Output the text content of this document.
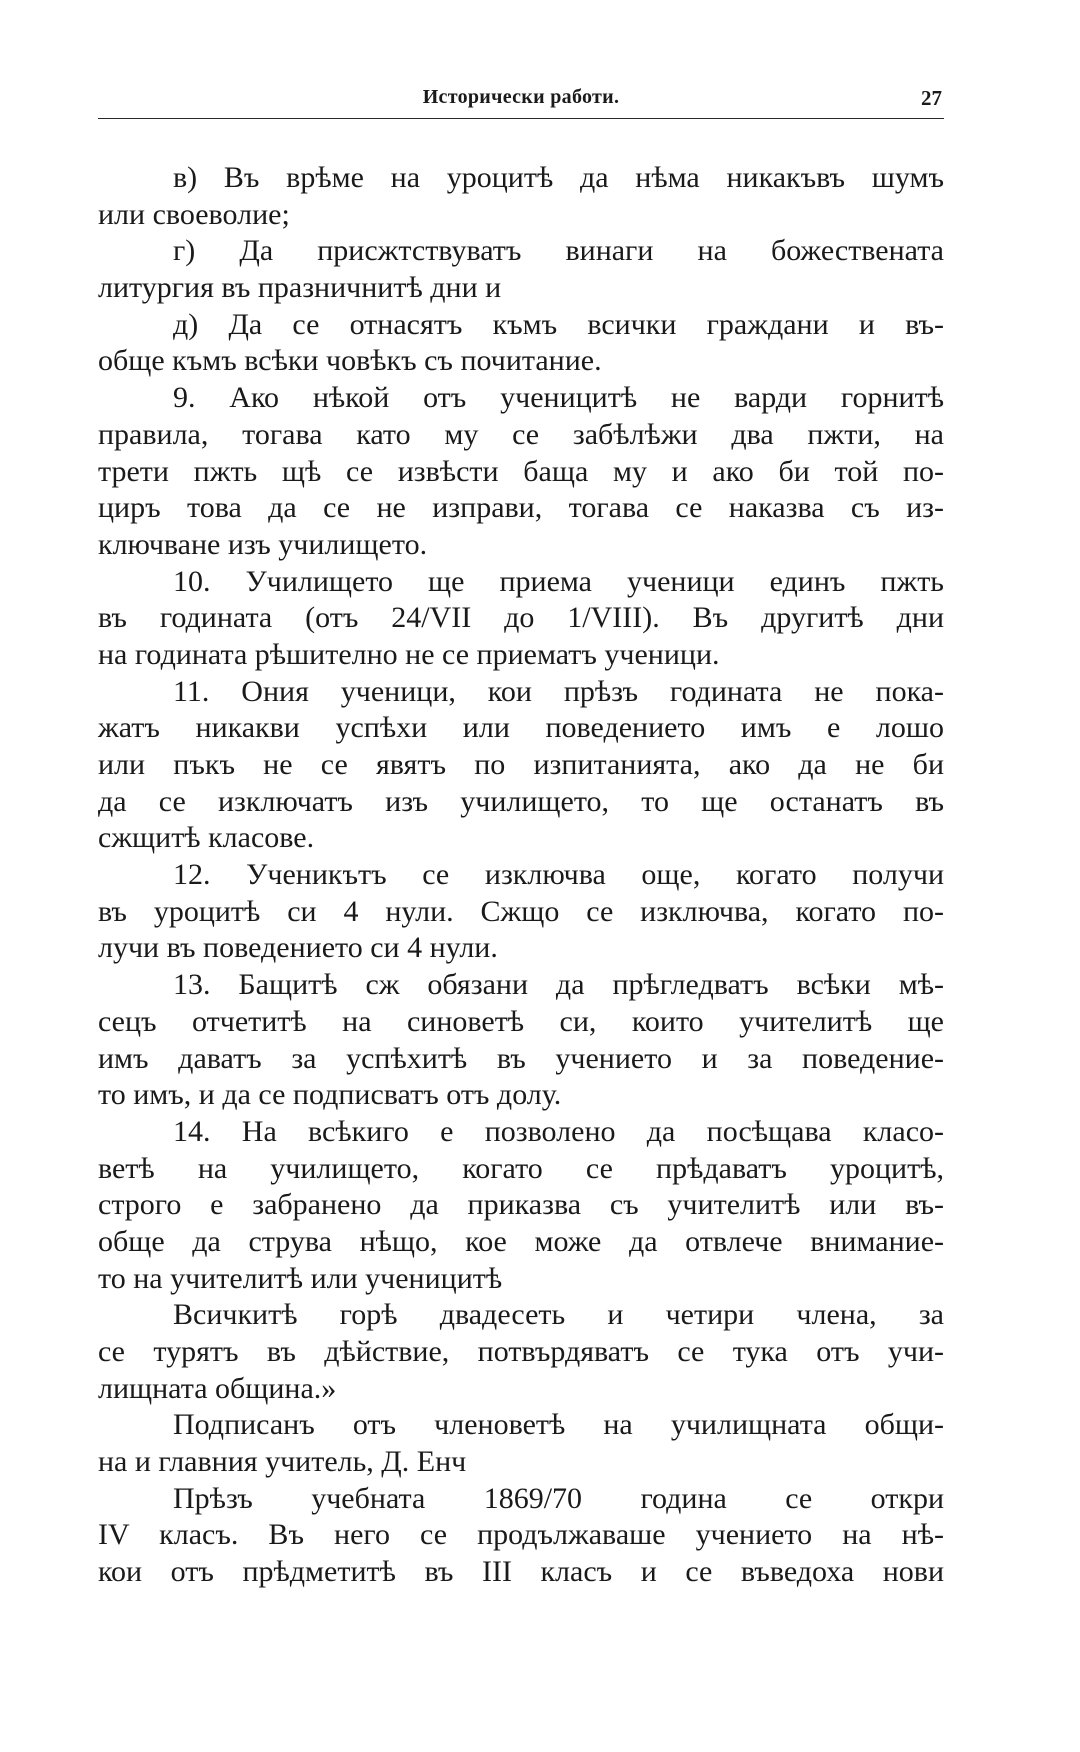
Исторически работи.	27
в) Въ врѣме на уроцитѣ да нѣма никакъвъ шумъ
или своеволие;
г) Да присжтствуватъ винаги на божествената
литургия въ празничнитѣ дни и
д) Да се отнасятъ къмъ всички граждани и въ-
обще къмъ всѣки човѣкъ съ почитание.
9. Ако нѣкой отъ ученицитѣ не варди горнитѣ
правила, тогава като му се забѣлѣжи два пжти, на
трети пжть щѣ се извѣсти баща му и ако би той по-
циръ това да се не изправи, тогава се наказва съ из-
ключване изъ училището.
10. Училището ще приема ученици единъ пжть
въ годината (отъ 24/VII до 1/VIII). Въ другитѣ дни
на годината рѣшително не се приематъ ученици.
11. Ония ученици, кои прѣзъ годината не пока-
жатъ никакви успѣхи или поведението имъ е лошо
или пъкъ не се явятъ по изпитанията, ако да не би
да се изключатъ изъ училището, то ще останатъ въ
сжщитѣ класове.
12. Ученикътъ се изключва още, когато получи
въ уроцитѣ си 4 нули. Сжщо се изключва, когато по-
лучи въ поведението си 4 нули.
13. Бащитѣ сж обязани да прѣгледватъ всѣки мѣ-
сецъ отчетитѣ на синоветѣ си, които учителитѣ ще
имъ даватъ за успѣхитѣ въ учението и за поведение-
то имъ, и да се подписватъ отъ долу.
14. На всѣкиго е позволено да посѣщава класо-
ветѣ на училището, когато се прѣдаватъ уроцитѣ,
строго е забранено да приказва съ учителитѣ или въ-
обще да струва нѣщо, кое може да отвлече внимание-
то на учителитѣ или ученицитѣ
Всичкитѣ горѣ двадесеть и четири члена, за
се турятъ въ дѣйствие, потвърдяватъ се тука отъ учи-
лищната община.»
Подписанъ отъ членоветѣ на училищната общи-
на и главния учитель, Д. Енч
Прѣзъ учебната 1869/70 година се откри
IV класъ. Въ него се продължаваше учението на нѣ-
кои отъ прѣдметитѣ въ III класъ и се въведоха нови
